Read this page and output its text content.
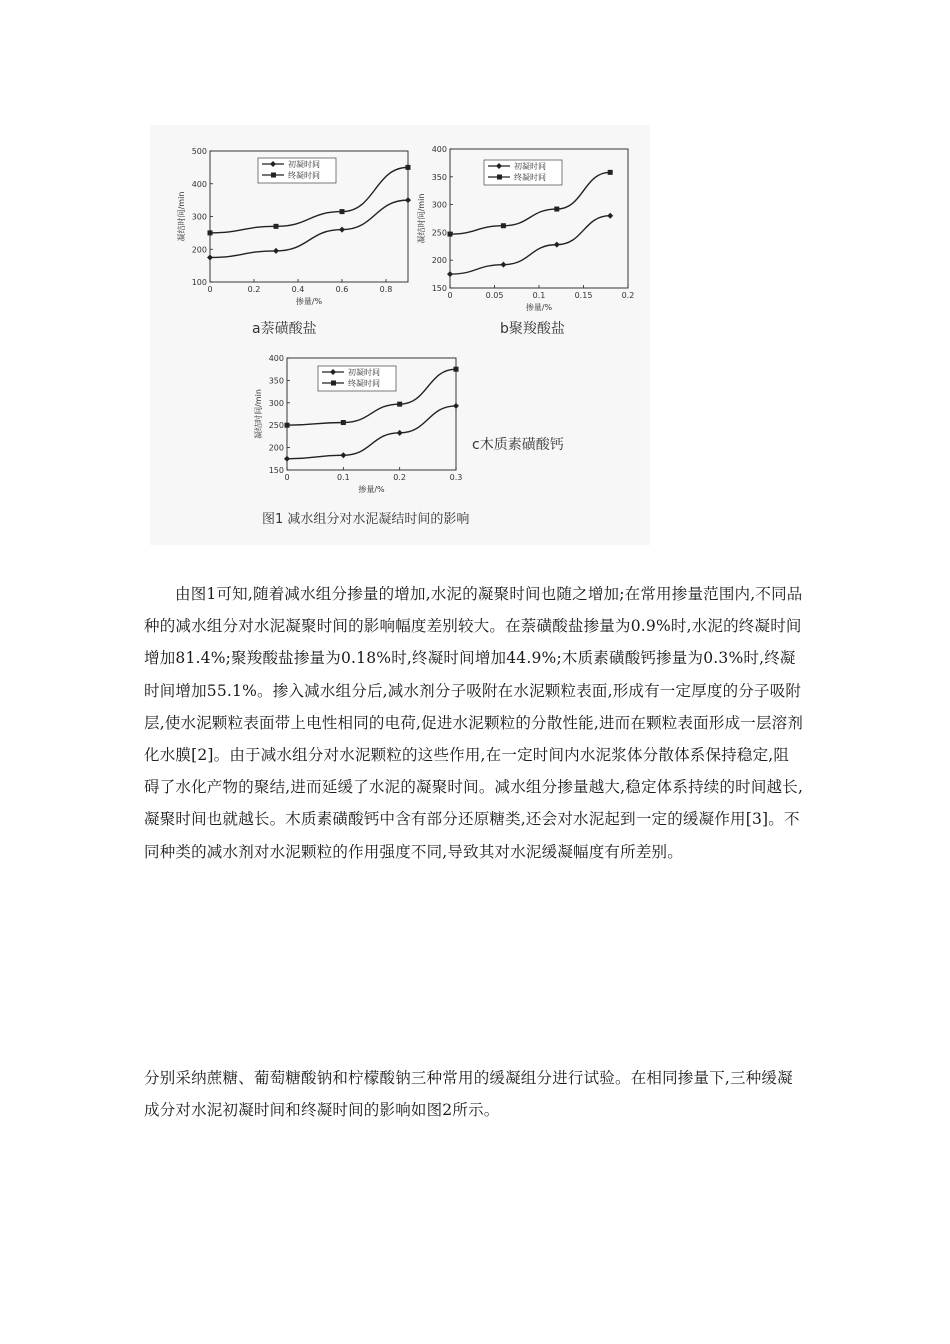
图1 减水组分对水泥凝结时间的影响
100
200
300
400
500
0	0.2	0.4	0.6	0.8
掺量/%
凝结时间/min
初凝时间
终凝时间
a萘磺酸盐
150
200
250
300
350
400
0	0.05	0.1	0.15	0.2
掺量/%
凝结时间/min
初凝时间
终凝时间
b聚羧酸盐
150
200
250
300
350
400
0	0.1	0.2	0.3
掺量/%
凝结时间/min
初凝时间
终凝时间
c木质素磺酸钙

由图1可知,随着减水组分掺量的增加,水泥的凝聚时间也随之增加;在常用掺量范围内,不同品种的减水组分对水泥凝聚时间的影响幅度差别较大。在萘磺酸盐掺量为0.9%时,水泥的终凝时间增加81.4%;聚羧酸盐掺量为0.18%时,终凝时间增加44.9%;木质素磺酸钙掺量为0.3%时,终凝时间增加55.1%。掺入减水组分后,减水剂分子吸附在水泥颗粒表面,形成有一定厚度的分子吸附层,使水泥颗粒表面带上电性相同的电荷,促进水泥颗粒的分散性能,进而在颗粒表面形成一层溶剂化水膜[2]。由于减水组分对水泥颗粒的这些作用,在一定时间内水泥浆体分散体系保持稳定,阻碍了水化产物的聚结,进而延缓了水泥的凝聚时间。减水组分掺量越大,稳定体系持续的时间越长,凝聚时间也就越长。木质素磺酸钙中含有部分还原糖类,还会对水泥起到一定的缓凝作用[3]。不同种类的减水剂对水泥颗粒的作用强度不同,导致其对水泥缓凝幅度有所差别。

分别采纳蔗糖、葡萄糖酸钠和柠檬酸钠三种常用的缓凝组分进行试验。在相同掺量下,三种缓凝成分对水泥初凝时间和终凝时间的影响如图2所示。
